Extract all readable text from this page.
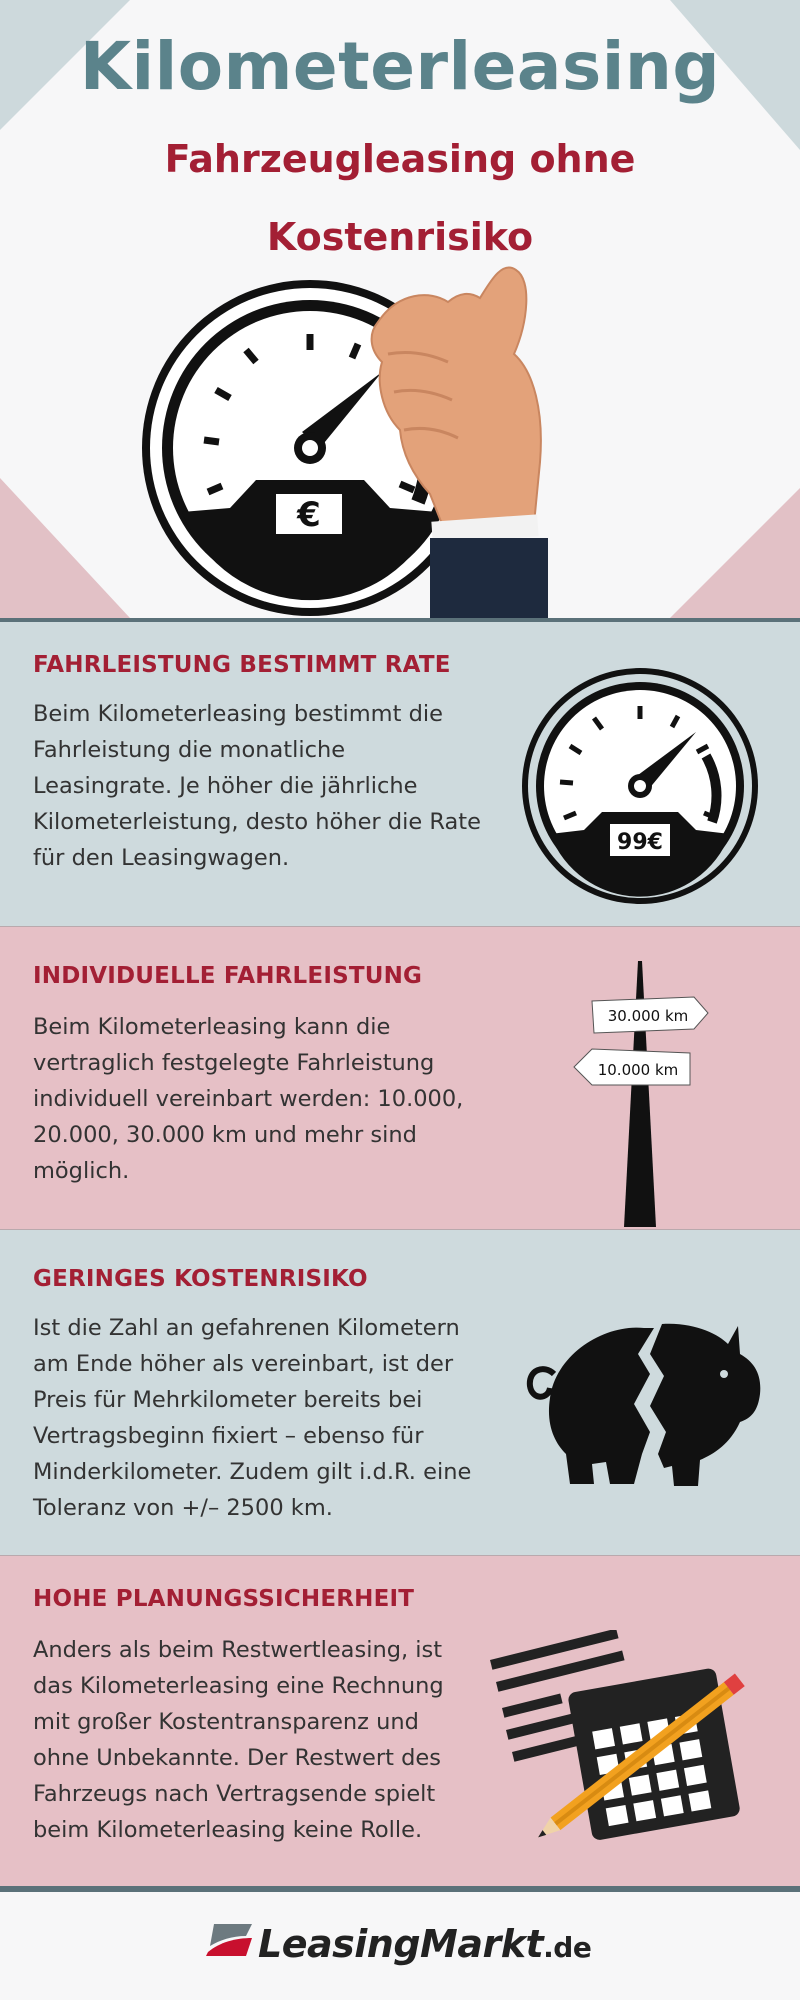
Kilometerleasing
Fahrzeugleasing ohne
Kostenrisiko
€
FAHRLEISTUNG BESTIMMT RATE
Beim Kilometerleasing bestimmt die
Fahrleistung die monatliche
Leasingrate. Je höher die jährliche
Kilometerleistung, desto höher die Rate
für den Leasingwagen.
99€
INDIVIDUELLE FAHRLEISTUNG
Beim Kilometerleasing kann die
vertraglich festgelegte Fahrleistung
individuell vereinbart werden: 10.000,
20.000, 30.000 km und mehr sind
möglich.
30.000 km
10.000 km
GERINGES KOSTENRISIKO
Ist die Zahl an gefahrenen Kilometern
am Ende höher als vereinbart, ist der
Preis für Mehrkilometer bereits bei
Vertragsbeginn fixiert – ebenso für
Minderkilometer. Zudem gilt i.d.R. eine
Toleranz von +/– 2500 km.
HOHE PLANUNGSSICHERHEIT
Anders als beim Restwertleasing, ist
das Kilometerleasing eine Rechnung
mit großer Kostentransparenz und
ohne Unbekannte. Der Restwert des
Fahrzeugs nach Vertragsende spielt
beim Kilometerleasing keine Rolle.
LeasingMarkt.de
